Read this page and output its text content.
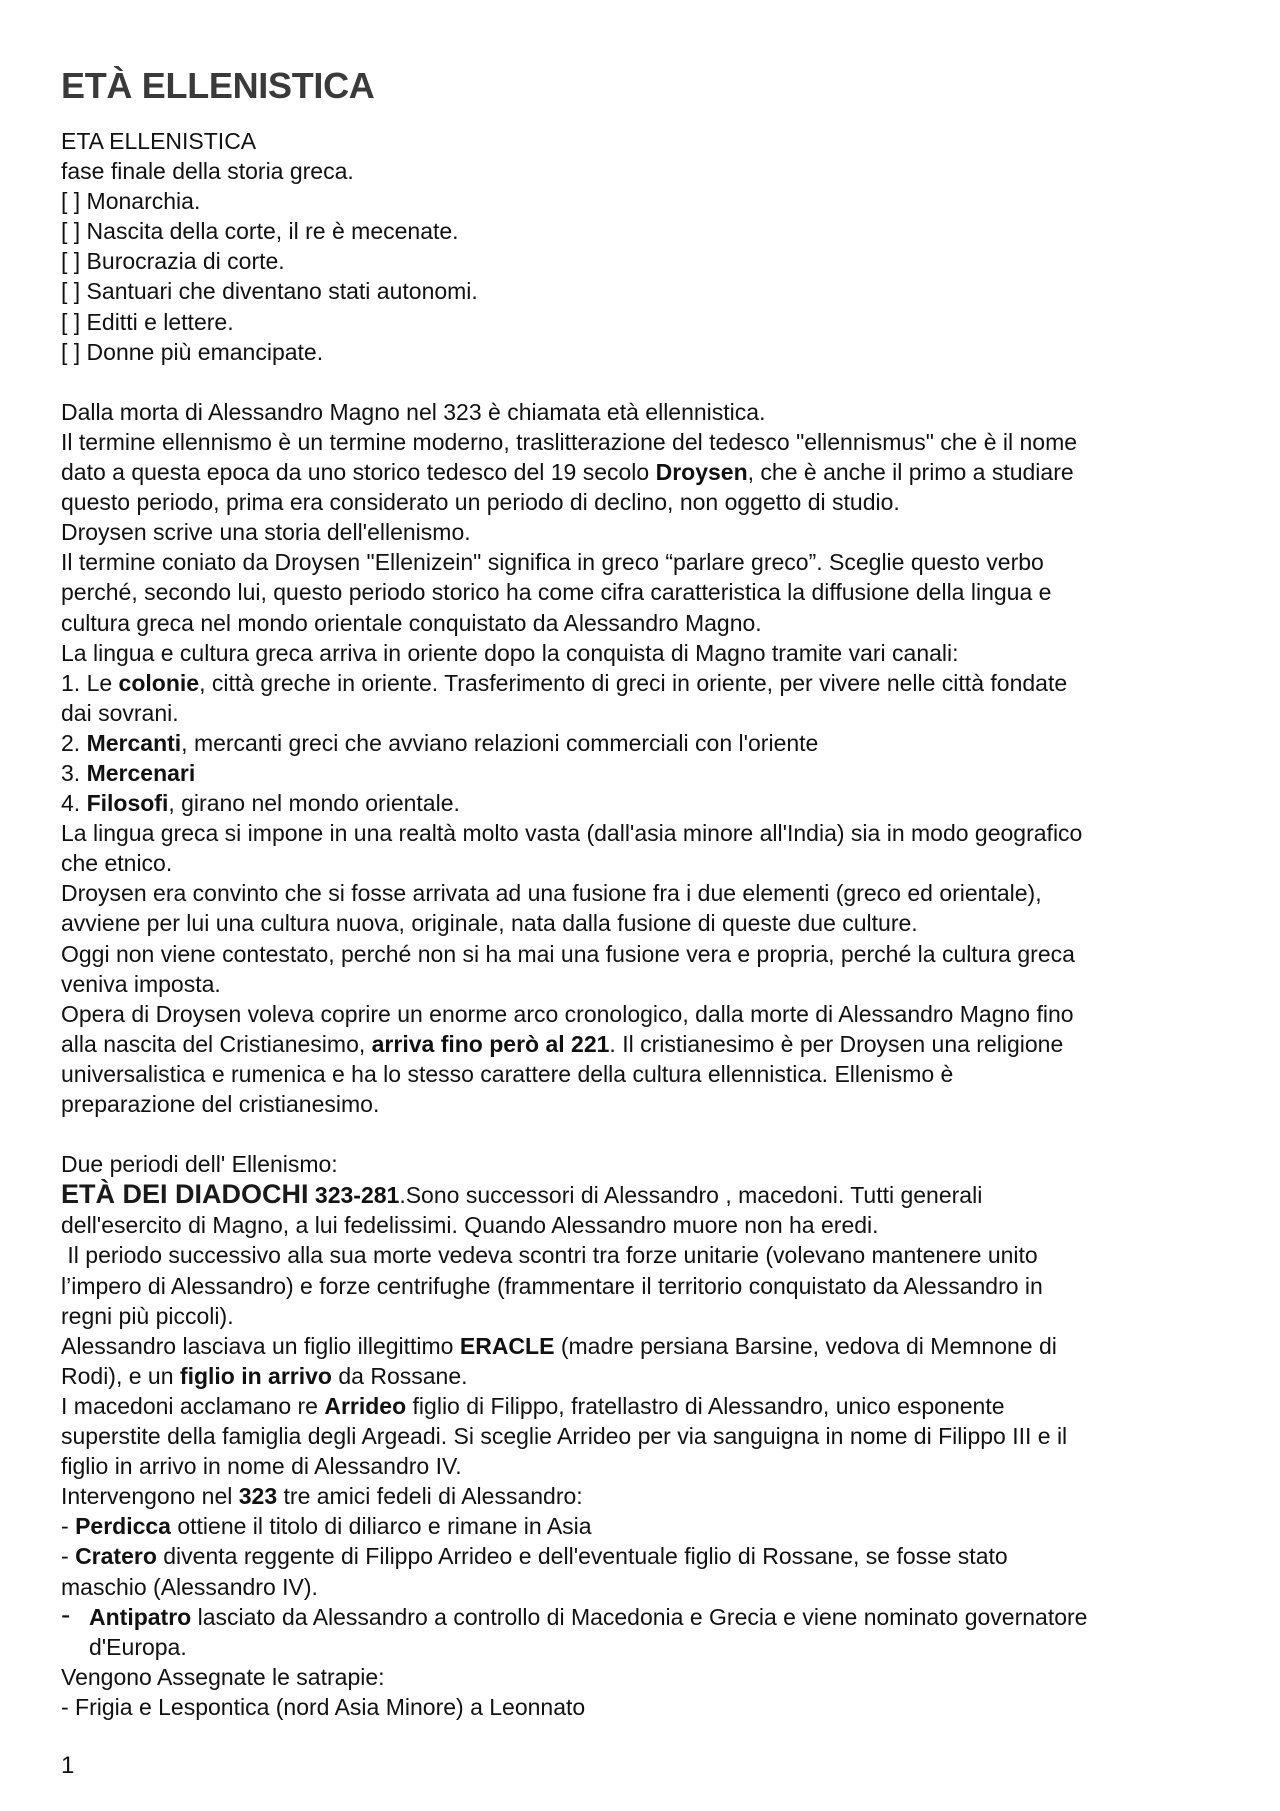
ETÀ ELLENISTICA
ETA ELLENISTICA
fase finale della storia greca.
[ ] Monarchia.
[ ] Nascita della corte, il re è mecenate.
[ ] Burocrazia di corte.
[ ] Santuari che diventano stati autonomi.
[ ] Editti e lettere.
[ ] Donne più emancipate.
Dalla morta di Alessandro Magno nel 323 è chiamata età ellennistica.
Il termine ellennismo è un termine moderno, traslitterazione del tedesco "ellennismus" che è il nome
dato a questa epoca da uno storico tedesco del 19 secolo Droysen, che è anche il primo a studiare
questo periodo, prima era considerato un periodo di declino, non oggetto di studio.
Droysen scrive una storia dell'ellenismo.
Il termine coniato da Droysen "Ellenizein" significa in greco “parlare greco”. Sceglie questo verbo
perché, secondo lui, questo periodo storico ha come cifra caratteristica la diffusione della lingua e
cultura greca nel mondo orientale conquistato da Alessandro Magno.
La lingua e cultura greca arriva in oriente dopo la conquista di Magno tramite vari canali:
1. Le colonie, città greche in oriente. Trasferimento di greci in oriente, per vivere nelle città fondate
dai sovrani.
2. Mercanti, mercanti greci che avviano relazioni commerciali con l'oriente
3. Mercenari
4. Filosofi, girano nel mondo orientale.
La lingua greca si impone in una realtà molto vasta (dall'asia minore all'India) sia in modo geografico
che etnico.
Droysen era convinto che si fosse arrivata ad una fusione fra i due elementi (greco ed orientale),
avviene per lui una cultura nuova, originale, nata dalla fusione di queste due culture.
Oggi non viene contestato, perché non si ha mai una fusione vera e propria, perché la cultura greca
veniva imposta.
Opera di Droysen voleva coprire un enorme arco cronologico, dalla morte di Alessandro Magno fino
alla nascita del Cristianesimo, arriva fino però al 221. Il cristianesimo è per Droysen una religione
universalistica e rumenica e ha lo stesso carattere della cultura ellennistica. Ellenismo è
preparazione del cristianesimo.
Due periodi dell' Ellenismo:
ETÀ DEI DIADOCHI 323-281.Sono successori di Alessandro , macedoni. Tutti generali
dell'esercito di Magno, a lui fedelissimi. Quando Alessandro muore non ha eredi.
Il periodo successivo alla sua morte vedeva scontri tra forze unitarie (volevano mantenere unito
l’impero di Alessandro) e forze centrifughe (frammentare il territorio conquistato da Alessandro in
regni più piccoli).
Alessandro lasciava un figlio illegittimo ERACLE (madre persiana Barsine, vedova di Memnone di
Rodi), e un figlio in arrivo da Rossane.
I macedoni acclamano re Arrideo figlio di Filippo, fratellastro di Alessandro, unico esponente
superstite della famiglia degli Argeadi. Si sceglie Arrideo per via sanguigna in nome di Filippo III e il
figlio in arrivo in nome di Alessandro IV.
Intervengono nel 323 tre amici fedeli di Alessandro:
- Perdicca ottiene il titolo di diliarco e rimane in Asia
- Cratero diventa reggente di Filippo Arrideo e dell'eventuale figlio di Rossane, se fosse stato
maschio (Alessandro IV).
- Antipatro lasciato da Alessandro a controllo di Macedonia e Grecia e viene nominato governatore
d'Europa.
Vengono Assegnate le satrapie:
- Frigia e Lespontica (nord Asia Minore) a Leonnato
1
